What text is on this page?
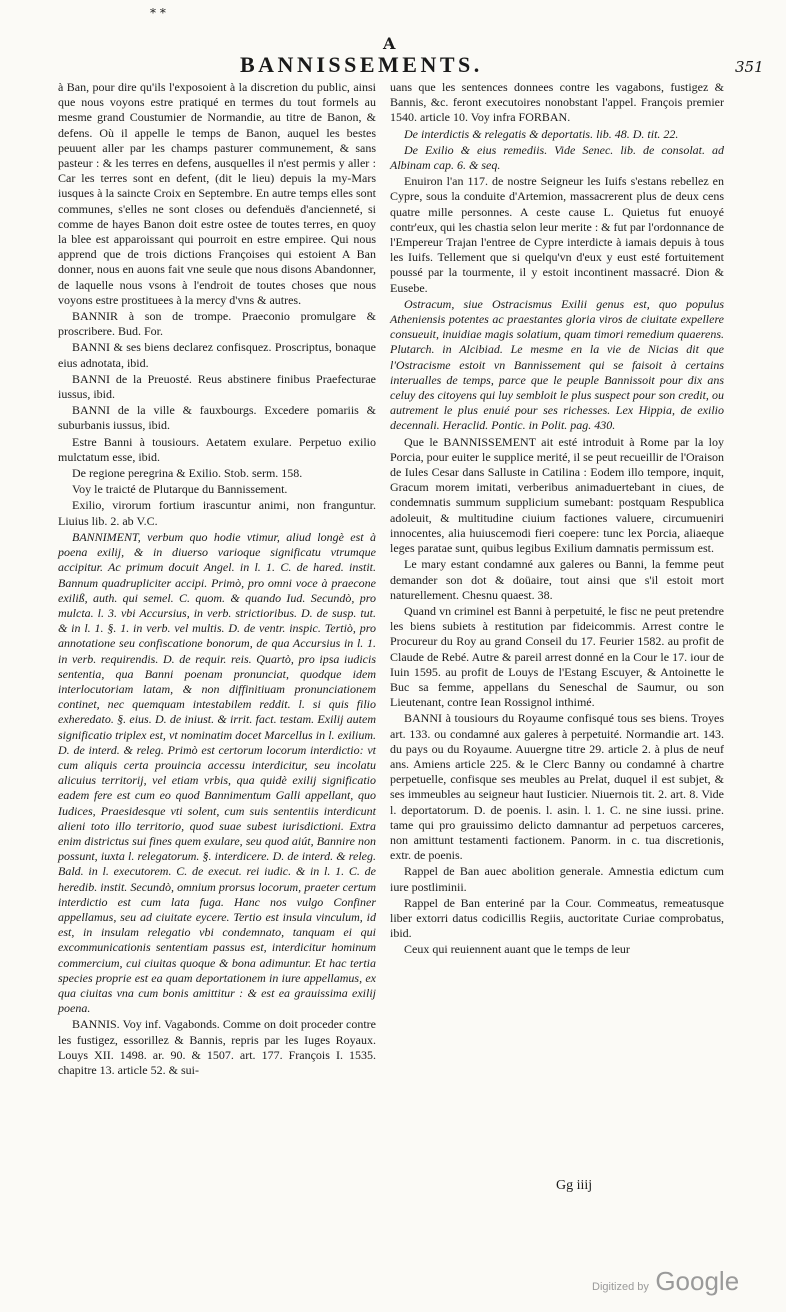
⁎ ⁎
A
BANNISSEMENTS.	351

à Ban, pour dire qu'ils l'exposoient à la discretion du public, ainsi que nous voyons estre pratiqué en termes du tout formels au mesme grand Coustumier de Normandie, au titre de Banon, & defens. Où il appelle le temps de Banon, auquel les bestes peuuent aller par les champs pasturer communement, & sans pasteur : & les terres en defens, ausquelles il n'est permis y aller : Car les terres sont en defent, (dit le lieu) depuis la my-Mars iusques à la saincte Croix en Septembre. En autre temps elles sont communes, s'elles ne sont closes ou defenduës d'ancienneté, si comme de hayes Banon doit estre ostee de toutes terres, en quoy la blee est apparoissant qui pourroit en estre empiree. Qui nous apprend que de trois dictions Françoises qui estoient A Ban donner, nous en auons fait vne seule que nous disons Abandonner, de laquelle nous vsons à l'endroit de toutes choses que nous voyons estre prostituees à la mercy d'vns & autres.

BANNIR à son de trompe. Praeconio promulgare & proscribere. Bud. For.

BANNI & ses biens declarez confisquez. Proscriptus, bonaque eius adnotata, ibid.

BANNI de la Preuosté. Reus abstinere finibus Praefecturae iussus, ibid.

BANNI de la ville & fauxbourgs. Excedere pomariis & suburbanis iussus, ibid.

Estre Banni à tousiours. Aetatem exulare. Perpetuo exilio mulctatum esse, ibid.

De regione peregrina & Exilio. Stob. serm. 158.

Voy le traicté de Plutarque du Bannissement.

Exilio, virorum fortium irascuntur animi, non franguntur. Liuius lib. 2. ab V.C.

BANNIMENT, verbum quo hodie vtimur, aliud longè est à poena exilij, & in diuerso varioque significatu vtrumque accipitur. Ac primum docuit Angel. in l. 1. C. de hared. instit. Bannum quadrupliciter accipi. Primò, pro omni voce à praecone exiliß, auth. qui semel. C. quom. & quando Iud. Secundò, pro mulcta. l. 3. vbi Accursius, in verb. strictioribus. D. de susp. tut. & in l. 1. §. 1. in verb. vel multis. D. de ventr. inspic. Tertiò, pro annotatione seu confiscatione bonorum, de qua Accursius in l. 1. in verb. requirendis. D. de requir. reis. Quartò, pro ipsa iudicis sententia, qua Banni poenam pronunciat, quodque idem interlocutoriam latam, & non diffinitiuam pronunciationem continet, nec quemquam intestabilem reddit. l. si quis filio exheredato. §. eius. D. de iniust. & irrit. fact. testam. Exilij autem significatio triplex est, vt nominatim docet Marcellus in l. exilium. D. de interd. & releg. Primò est certorum locorum interdictio: vt cum aliquis certa prouincia accessu interdicitur, seu incolatu alicuius territorij, vel etiam vrbis, qua quidè exilij significatio eadem fere est cum eo quod Bannimentum Galli appellant, quo Iudices, Praesidesque vti solent, cum suis sententiis interdicunt alieni toto illo territorio, quod suae subest iurisdictioni. Extra enim districtus sui fines quem exulare, seu quod aiút, Bannire non possunt, iuxta l. relegatorum. §. interdicere. D. de interd. & releg. Bald. in l. executorem. C. de execut. rei iudic. & in l. 1. C. de heredib. instit. Secundò, omnium prorsus locorum, praeter certum interdictio est cum lata fuga. Hanc nos vulgo Confiner appellamus, seu ad ciuitate eycere. Tertio est insula vinculum, id est, in insulam relegatio vbi condemnato, tanquam ei qui excommunicationis sententiam passus est, interdicitur hominum commercium, cui ciuitas quoque & bona adimuntur. Et hac tertia species proprie est ea quam deportationem in iure appellamus, ex qua ciuitas vna cum bonis amittitur : & est ea grauissima exilij poena.

BANNIS. Voy inf. Vagabonds. Comme on doit proceder contre les fustigez, essorillez & Bannis, repris par les Iuges Royaux. Louys XII. 1498. ar. 90. & 1507. art. 177. François I. 1535. chapitre 13. article 52. & sui-

uans que les sentences donnees contre les vagabons, fustigez & Bannis, &c. feront executoires nonobstant l'appel. François premier 1540. article 10. Voy infra FORBAN.

De interdictis & relegatis & deportatis. lib. 48. D. tit. 22.

De Exilio & eius remediis. Vide Senec. lib. de consolat. ad Albinam cap. 6. & seq.

Enuiron l'an 117. de nostre Seigneur les Iuifs s'estans rebellez en Cypre, sous la conduite d'Artemion, massacrerent plus de deux cens quatre mille personnes. A ceste cause L. Quietus fut enuoyé contr'eux, qui les chastia selon leur merite : & fut par l'ordonnance de l'Empereur Trajan l'entree de Cypre interdicte à iamais depuis à tous les Iuifs. Tellement que si quelqu'vn d'eux y eust esté fortuitement poussé par la tourmente, il y estoit incontinent massacré. Dion & Eusebe.

Ostracum, siue Ostracismus Exilii genus est, quo populus Atheniensis potentes ac praestantes gloria viros de ciuitate expellere consueuit, inuidiae magis solatium, quam timori remedium quaerens. Plutarch. in Alcibiad. Le mesme en la vie de Nicias dit que l'Ostracisme estoit vn Bannissement qui se faisoit à certains interualles de temps, parce que le peuple Bannissoit pour dix ans celuy des citoyens qui luy sembloit le plus suspect pour son credit, ou autrement le plus enuié pour ses richesses. Lex Hippia, de exilio decennali. Heraclid. Pontic. in Polit. pag. 430.

Que le BANNISSEMENT ait esté introduit à Rome par la loy Porcia, pour euiter le supplice merité, il se peut recueillir de l'Oraison de Iules Cesar dans Salluste in Catilina : Eodem illo tempore, inquit, Gracum morem imitati, verberibus animaduertebant in ciues, de condemnatis summum supplicium sumebant: postquam Respublica adoleuit, & multitudine ciuium factiones valuere, circumueniri innocentes, alia huiuscemodi fieri coepere: tunc lex Porcia, aliaeque leges paratae sunt, quibus legibus Exilium damnatis permissum est.

Le mary estant condamné aux galeres ou Banni, la femme peut demander son dot & doüaire, tout ainsi que s'il estoit mort naturellement. Chesnu quaest. 38.

Quand vn criminel est Banni à perpetuité, le fisc ne peut pretendre les biens subiets à restitution par fideicommis. Arrest contre le Procureur du Roy au grand Conseil du 17. Feurier 1582. au profit de Claude de Rebé. Autre & pareil arrest donné en la Cour le 17. iour de Iuin 1595. au profit de Louys de l'Estang Escuyer, & Antoinette le Buc sa femme, appellans du Seneschal de Saumur, ou son Lieutenant, contre Iean Rossignol inthimé.

BANNI à tousiours du Royaume confisqué tous ses biens. Troyes art. 133. ou condamné aux galeres à perpetuité. Normandie art. 143. du pays ou du Royaume. Auuergne titre 29. article 2. à plus de neuf ans. Amiens article 225. & le Clerc Banny ou condamné à chartre perpetuelle, confisque ses meubles au Prelat, duquel il est subjet, & ses immeubles au seigneur haut Iusticier. Niuernois tit. 2. art. 8. Vide l. deportatorum. D. de poenis. l. asin. l. 1. C. ne sine iussi. prine. tame qui pro grauissimo delicto damnantur ad perpetuos carceres, non amittunt testamenti factionem. Panorm. in c. tua discretionis, extr. de poenis.

Rappel de Ban auec abolition generale. Amnestia edictum cum iure postliminii.

Rappel de Ban enteriné par la Cour. Commeatus, remeatusque liber extorri datus codicillis Regiis, auctoritate Curiae comprobatus, ibid.

Ceux qui reuiennent auant que le temps de leur

Gg iiij
Digitized by Google
